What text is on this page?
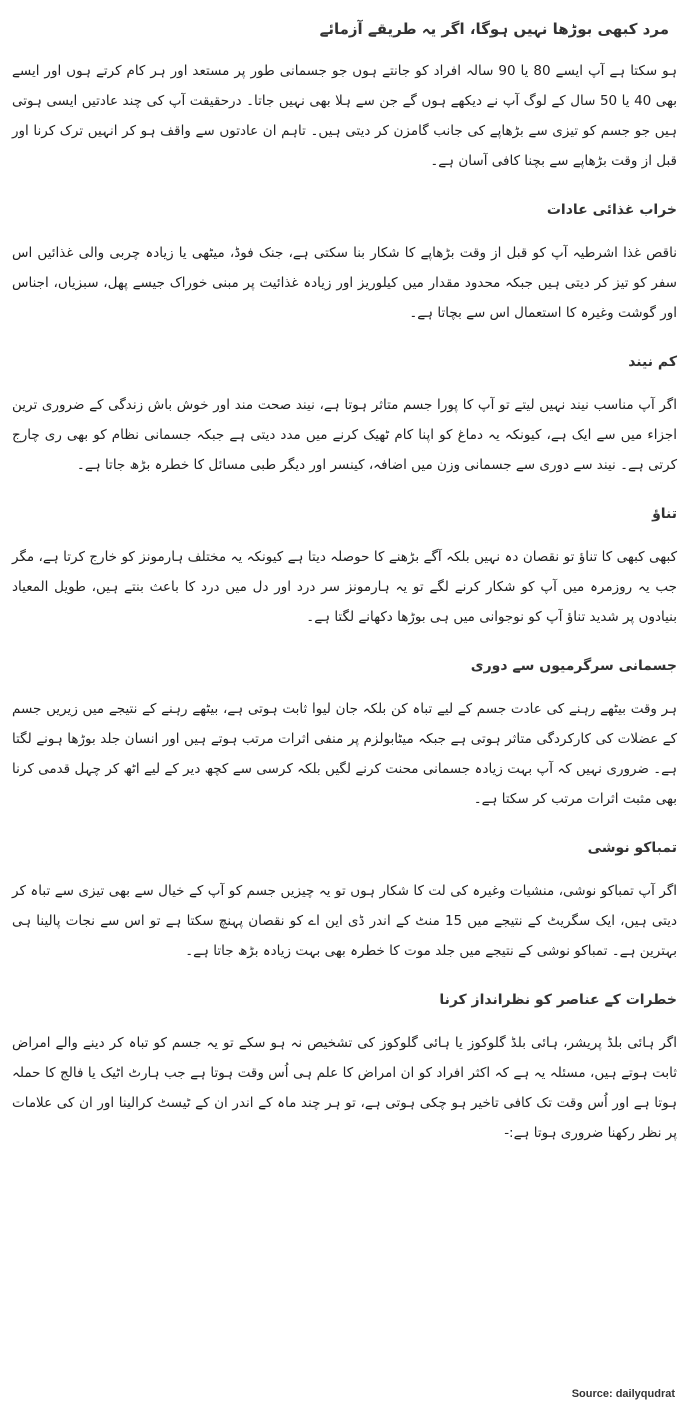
مرد کبھی بوڑھا نہیں ہوگا، اگر یہ طریقے آزمائے

ہو سکتا ہے آپ ایسے 80 یا 90 سالہ افراد کو جانتے ہوں جو جسمانی طور پر مستعد اور ہر کام کرتے ہوں اور ایسے بھی 40 یا 50 سال کے لوگ آپ نے دیکھے ہوں گے جن سے ہلا بھی نہیں جاتا۔ درحقیقت آپ کی چند عادتیں ایسی ہوتی ہیں جو جسم کو تیزی سے بڑھاپے کی جانب گامزن کر دیتی ہیں۔ تاہم ان عادتوں سے واقف ہو کر انہیں ترک کرنا اور قبل از وقت بڑھاپے سے بچنا کافی آسان ہے۔

خراب غذائی عادات

ناقص غذا اشرطیہ آپ کو قبل از وقت بڑھاپے کا شکار بنا سکتی ہے، جنک فوڈ، میٹھی یا زیادہ چربی والی غذائیں اس سفر کو تیز کر دیتی ہیں جبکہ محدود مقدار میں کیلوریز اور زیادہ غذائیت پر مبنی خوراک جیسے پھل، سبزیاں، اجناس اور گوشت وغیرہ کا استعمال اس سے بچاتا ہے۔

کم نیند

اگر آپ مناسب نیند نہیں لیتے تو آپ کا پورا جسم متاثر ہوتا ہے، نیند صحت مند اور خوش باش زندگی کے ضروری ترین اجزاء میں سے ایک ہے، کیونکہ یہ دماغ کو اپنا کام ٹھیک کرنے میں مدد دیتی ہے جبکہ جسمانی نظام کو بھی ری چارج کرتی ہے۔ نیند سے دوری سے جسمانی وزن میں اضافہ، کینسر اور دیگر طبی مسائل کا خطرہ بڑھ جاتا ہے۔

تناؤ

کبھی کبھی کا تناؤ تو نقصان دہ نہیں بلکہ آگے بڑھنے کا حوصلہ دیتا ہے کیونکہ یہ مختلف ہارمونز کو خارج کرتا ہے، مگر جب یہ روزمرہ میں آپ کو شکار کرنے لگے تو یہ ہارمونز سر درد اور دل میں درد کا باعث بنتے ہیں، طویل المعیاد بنیادوں پر شدید تناؤ آپ کو نوجوانی میں ہی بوڑھا دکھانے لگتا ہے۔

جسمانی سرگرمیوں سے دوری

ہر وقت بیٹھے رہنے کی عادت جسم کے لیے تباہ کن بلکہ جان لیوا ثابت ہوتی ہے، بیٹھے رہنے کے نتیجے میں زیریں جسم کے عضلات کی کارکردگی متاثر ہوتی ہے جبکہ میٹابولزم پر منفی اثرات مرتب ہوتے ہیں اور انسان جلد بوڑھا ہونے لگتا ہے۔ ضروری نہیں کہ آپ بہت زیادہ جسمانی محنت کرنے لگیں بلکہ کرسی سے کچھ دیر کے لیے اٹھ کر چہل قدمی کرنا بھی مثبت اثرات مرتب کر سکتا ہے۔

تمباکو نوشی

اگر آپ تمباکو نوشی، منشیات وغیرہ کی لت کا شکار ہوں تو یہ چیزیں جسم کو آپ کے خیال سے بھی تیزی سے تباہ کر دیتی ہیں، ایک سگریٹ کے نتیجے میں 15 منٹ کے اندر ڈی این اے کو نقصان پہنچ سکتا ہے تو اس سے نجات پالینا ہی بہترین ہے۔ تمباکو نوشی کے نتیجے میں جلد موت کا خطرہ بھی بہت زیادہ بڑھ جاتا ہے۔

خطرات کے عناصر کو نظرانداز کرنا

اگر ہائی بلڈ پریشر، ہائی بلڈ گلوکوز یا ہائی گلوکوز کی تشخیص نہ ہو سکے تو یہ جسم کو تباہ کر دینے والے امراض ثابت ہوتے ہیں، مسئلہ یہ ہے کہ اکثر افراد کو ان امراض کا علم ہی اُس وقت ہوتا ہے جب ہارٹ اٹیک یا فالج کا حملہ ہوتا ہے اور اُس وقت تک کافی تاخیر ہو چکی ہوتی ہے، تو ہر چند ماہ کے اندر ان کے ٹیسٹ کرالینا اور ان کی علامات پر نظر رکھنا ضروری ہوتا ہے:-

Source: dailyqudrat
